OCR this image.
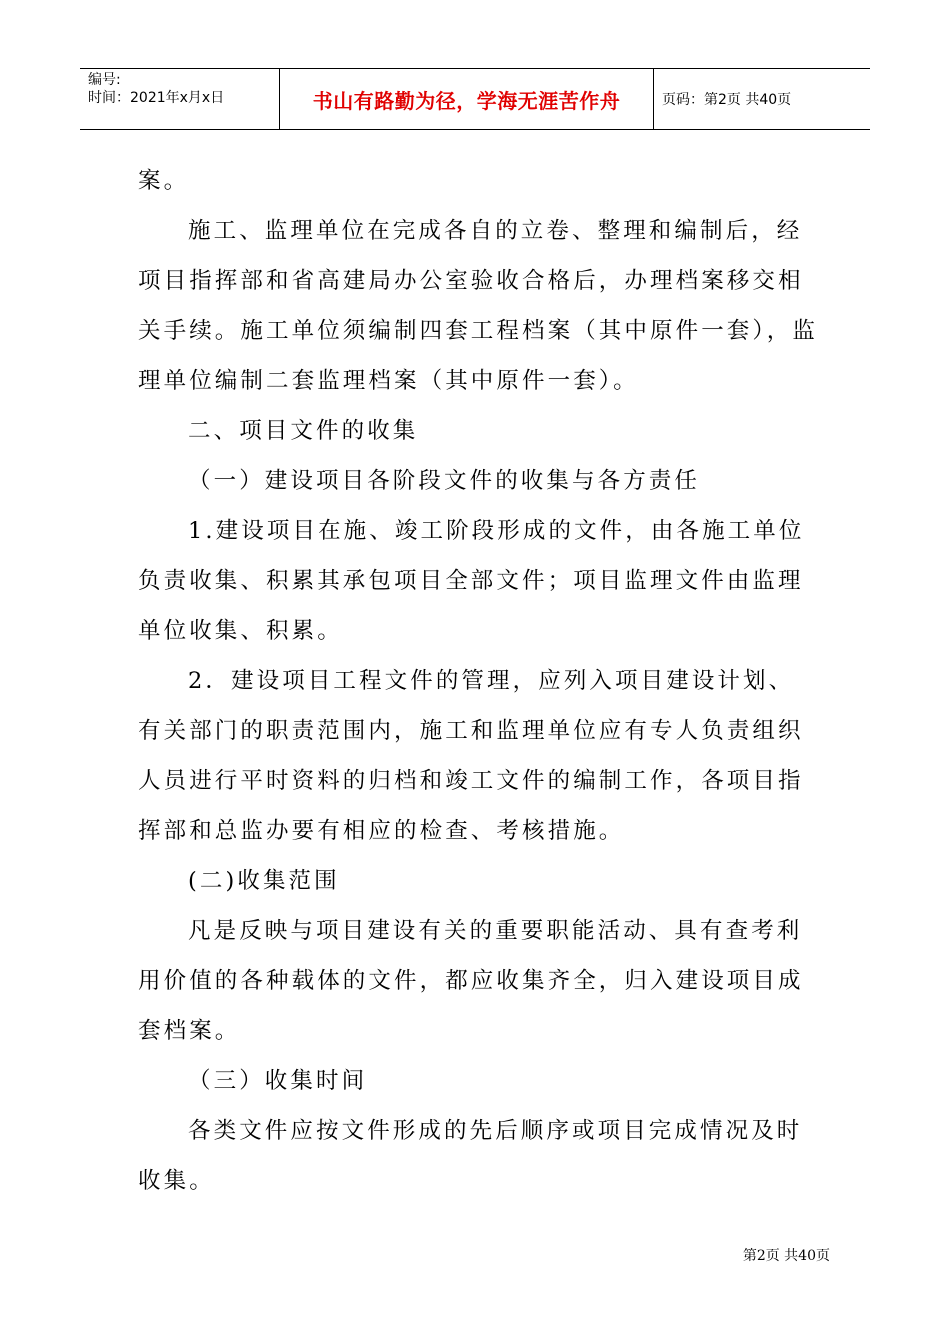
编号:
时间：2021年x月x日	书山有路勤为径，学海无涯苦作舟	页码：第2页 共40页

案。

施工、监理单位在完成各自的立卷、整理和编制后，经项目指挥部和省高建局办公室验收合格后，办理档案移交相关手续。施工单位须编制四套工程档案（其中原件一套），监理单位编制二套监理档案（其中原件一套）。

二、项目文件的收集

（一）建设项目各阶段文件的收集与各方责任

1.建设项目在施、竣工阶段形成的文件，由各施工单位负责收集、积累其承包项目全部文件；项目监理文件由监理单位收集、积累。

2．建设项目工程文件的管理，应列入项目建设计划、有关部门的职责范围内，施工和监理单位应有专人负责组织人员进行平时资料的归档和竣工文件的编制工作，各项目指挥部和总监办要有相应的检查、考核措施。

(二)收集范围

凡是反映与项目建设有关的重要职能活动、具有查考利用价值的各种载体的文件，都应收集齐全，归入建设项目成套档案。

（三）收集时间

各类文件应按文件形成的先后顺序或项目完成情况及时收集。

第2页 共40页
